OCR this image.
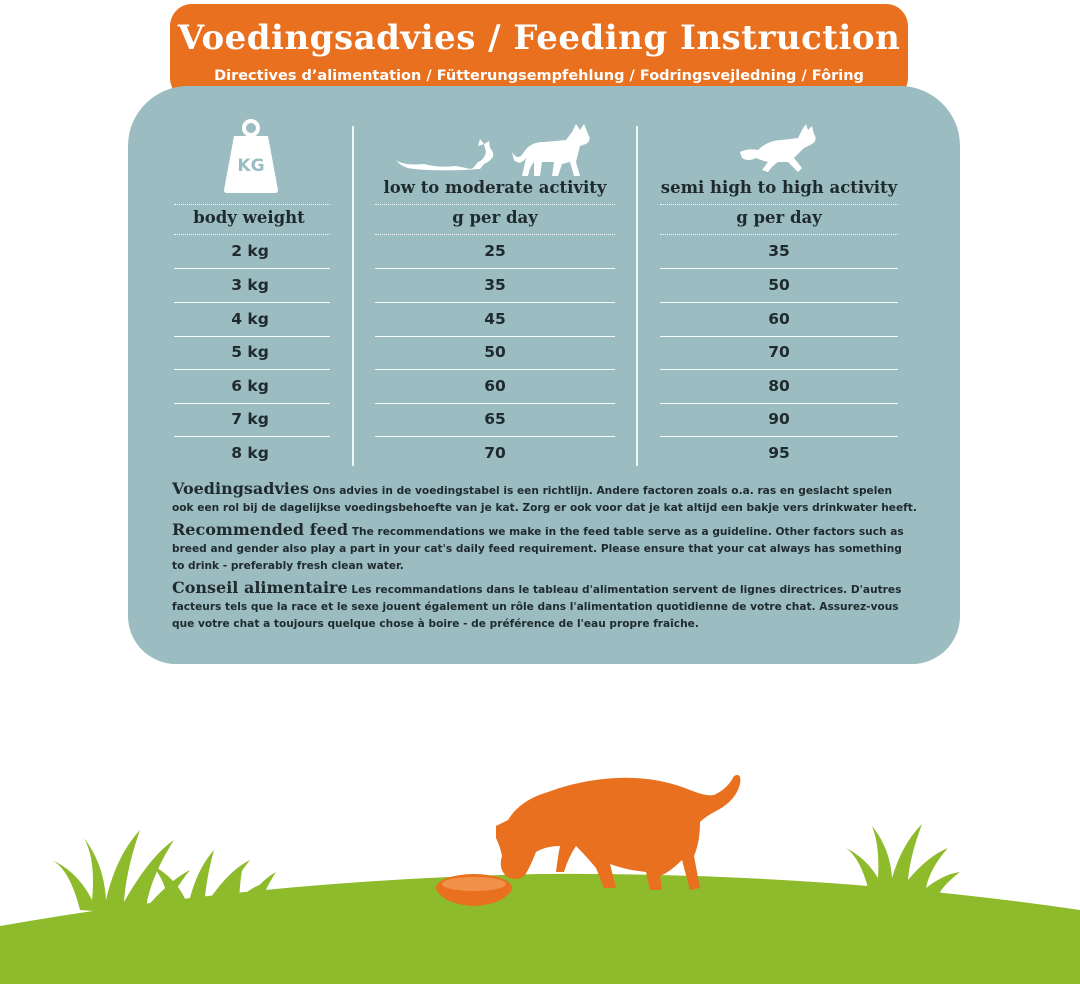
Voedingsadvies / Feeding Instruction
Directives d’alimentation / Fütterungsempfehlung / Fodringsvejledning / Fôring
KG
low to moderate activity	semi high to high activity
body weight	g per day	g per day
2 kg	25	35
3 kg	35	50
4 kg	45	60
5 kg	50	70
6 kg	60	80
7 kg	65	90
8 kg	70	95

Voedingsadvies Ons advies in de voedingstabel is een richtlijn. Andere factoren zoals o.a. ras en geslacht spelen ook een rol bij de dagelijkse voedingsbehoefte van je kat. Zorg er ook voor dat je kat altijd een bakje vers drinkwater heeft.

Recommended feed The recommendations we make in the feed table serve as a guideline. Other factors such as breed and gender also play a part in your cat's daily feed requirement. Please ensure that your cat always has something to drink - preferably fresh clean water.

Conseil alimentaire Les recommandations dans le tableau d'alimentation servent de lignes directrices. D'autres facteurs tels que la race et le sexe jouent également un rôle dans l'alimentation quotidienne de votre chat. Assurez-vous que votre chat a toujours quelque chose à boire - de préférence de l'eau propre fraîche.
